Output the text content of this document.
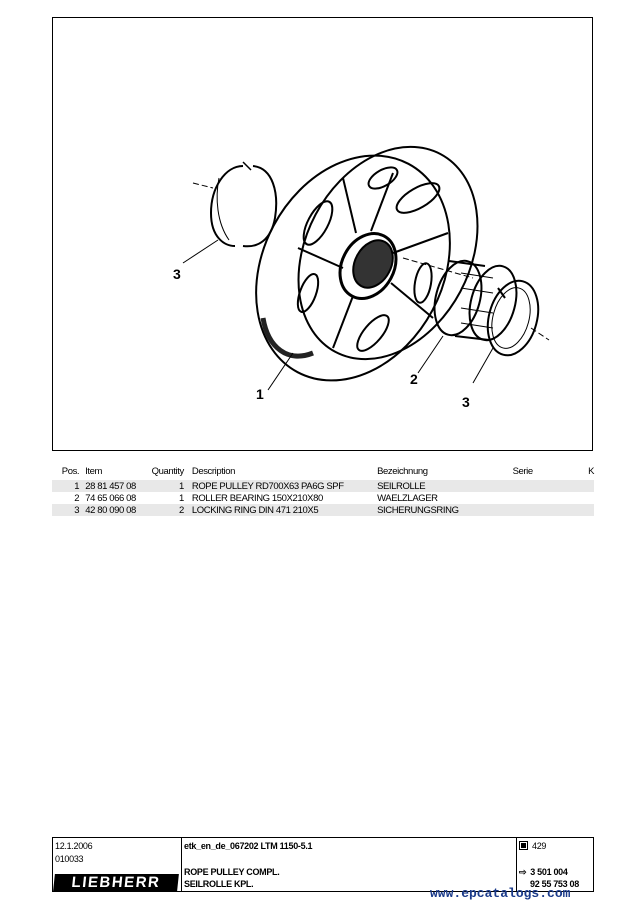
3
1
2
3
Pos.	Item	Quantity	Description	Bezeichnung	Serie	K
1	28 81 457 08	1	ROPE PULLEY RD700X63 PA6G SPF	SEILROLLE		
2	74 65 066 08	1	ROLLER BEARING 150X210X80	WAELZLAGER		
3	42 80 090 08	2	LOCKING RING DIN 471 210X5	SICHERUNGSRING		
12.1.2006
010033
LIEBHERR
etk_en_de_067202 LTM 1150-5.1
ROPE PULLEY COMPL.
SEILROLLE KPL.
429
⇨ 3 501 004
92 55 753 08
www.epcatalogs.com
